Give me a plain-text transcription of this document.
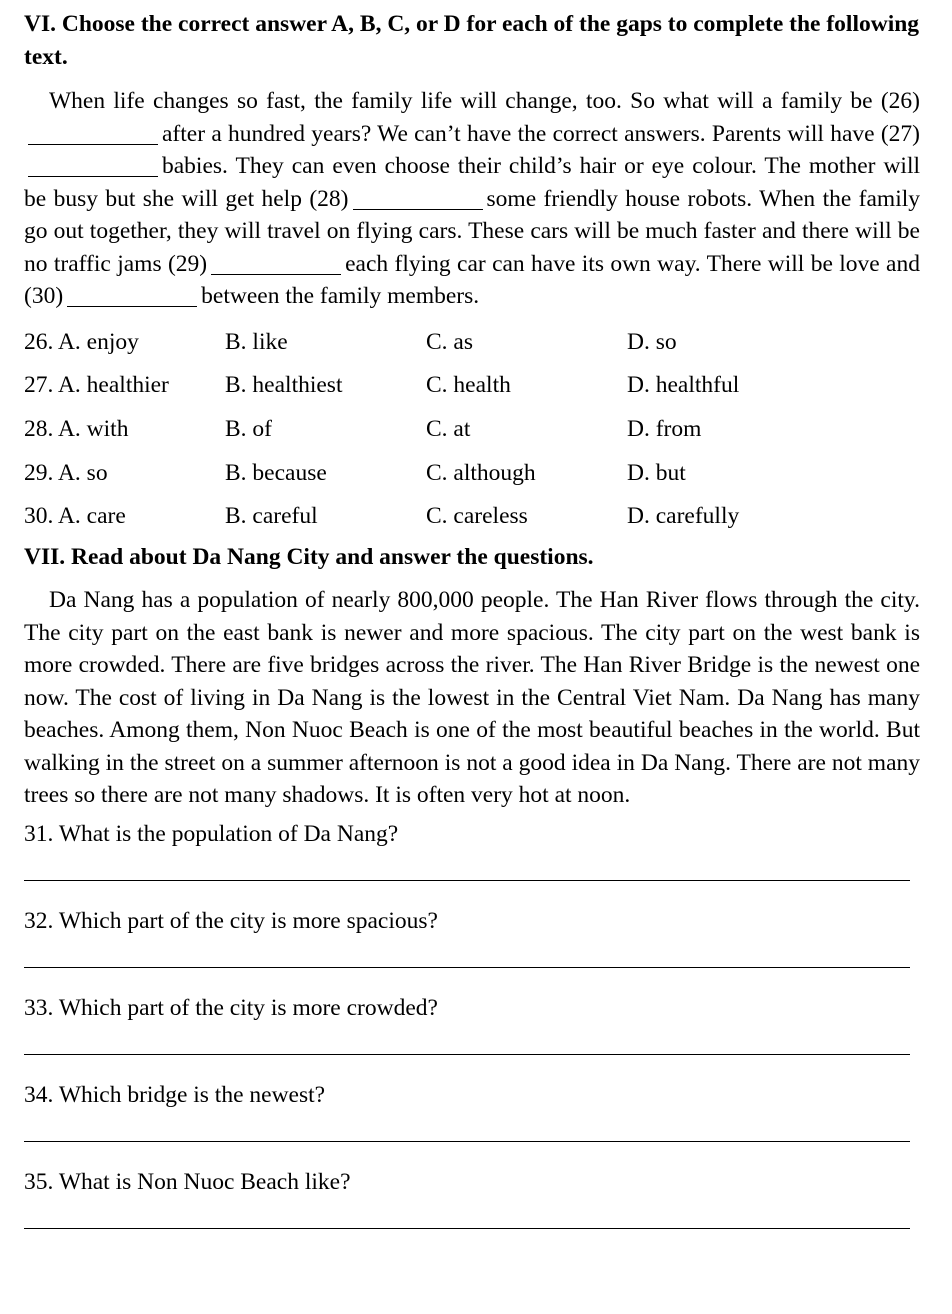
VI. Choose the correct answer A, B, C, or D for each of the gaps to complete the following text.

When life changes so fast, the family life will change, too. So what will a family be (26)after a hundred years? We can’t have the correct answers. Parents will have (27)babies. They can even choose their child’s hair or eye colour. The mother will be busy but she will get help (28)	some friendly house robots. When the family go out together, they will travel on flying cars. These cars will be much faster and there will be no traffic jams (29)	each flying car can have its own way. There will be love and (30)	between the family members.

26. A. enjoy	B. like	C. as	D. so
27. A. healthier	B. healthiest	C. health	D. healthful
28. A. with	B. of	C. at	D. from
29. A. so	B. because	C. although	D. but
30. A. care	B. careful	C. careless	D. carefully

VII. Read about Da Nang City and answer the questions.

Da Nang has a population of nearly 800,000 people. The Han River flows through the city. The city part on the east bank is newer and more spacious. The city part on the west bank is more crowded. There are five bridges across the river. The Han River Bridge is the newest one now. The cost of living in Da Nang is the lowest in the Central Viet Nam. Da Nang has many beaches. Among them, Non Nuoc Beach is one of the most beautiful beaches in the world. But walking in the street on a summer afternoon is not a good idea in Da Nang. There are not many trees so there are not many shadows. It is often very hot at noon.

31. What is the population of Da Nang?
32. Which part of the city is more spacious?
33. Which part of the city is more crowded?
34. Which bridge is the newest?
35. What is Non Nuoc Beach like?
